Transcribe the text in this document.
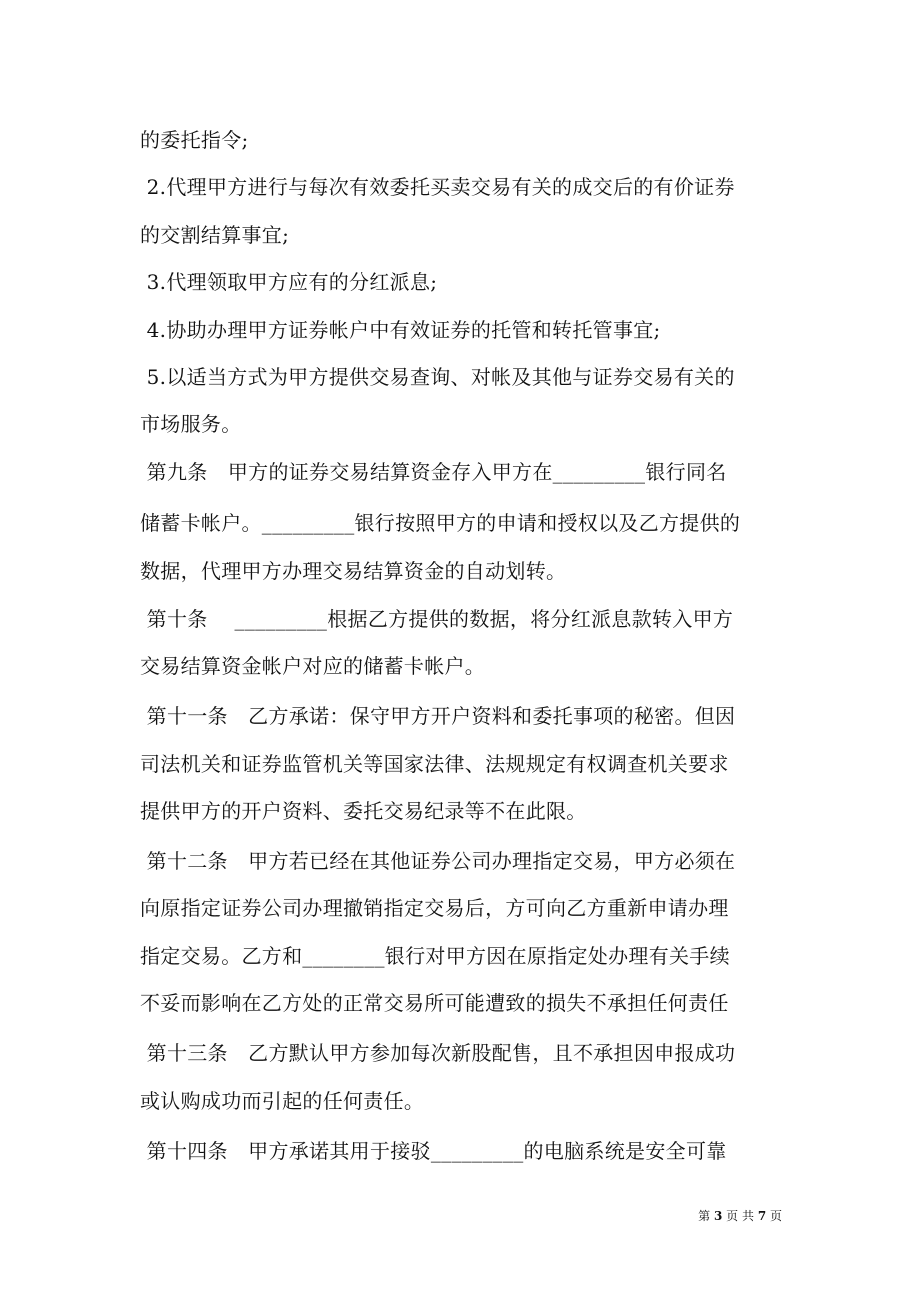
的委托指令;
2.代理甲方进行与每次有效委托买卖交易有关的成交后的有价证券
的交割结算事宜;
3.代理领取甲方应有的分红派息;
4.协助办理甲方证券帐户中有效证券的托管和转托管事宜;
5.以适当方式为甲方提供交易查询、对帐及其他与证券交易有关的
市场服务。
第九条　甲方的证券交易结算资金存入甲方在_________银行同名
储蓄卡帐户。_________银行按照甲方的申请和授权以及乙方提供的
数据，代理甲方办理交易结算资金的自动划转。
第十条　 _________根据乙方提供的数据，将分红派息款转入甲方
交易结算资金帐户对应的储蓄卡帐户。
第十一条　乙方承诺：保守甲方开户资料和委托事项的秘密。但因
司法机关和证券监管机关等国家法律、法规规定有权调查机关要求
提供甲方的开户资料、委托交易纪录等不在此限。
第十二条　甲方若已经在其他证券公司办理指定交易，甲方必须在
向原指定证券公司办理撤销指定交易后，方可向乙方重新申请办理
指定交易。乙方和________银行对甲方因在原指定处办理有关手续
不妥而影响在乙方处的正常交易所可能遭致的损失不承担任何责任
第十三条　乙方默认甲方参加每次新股配售，且不承担因申报成功
或认购成功而引起的任何责任。
第十四条　甲方承诺其用于接驳_________的电脑系统是安全可靠
第 3 页 共 7 页
